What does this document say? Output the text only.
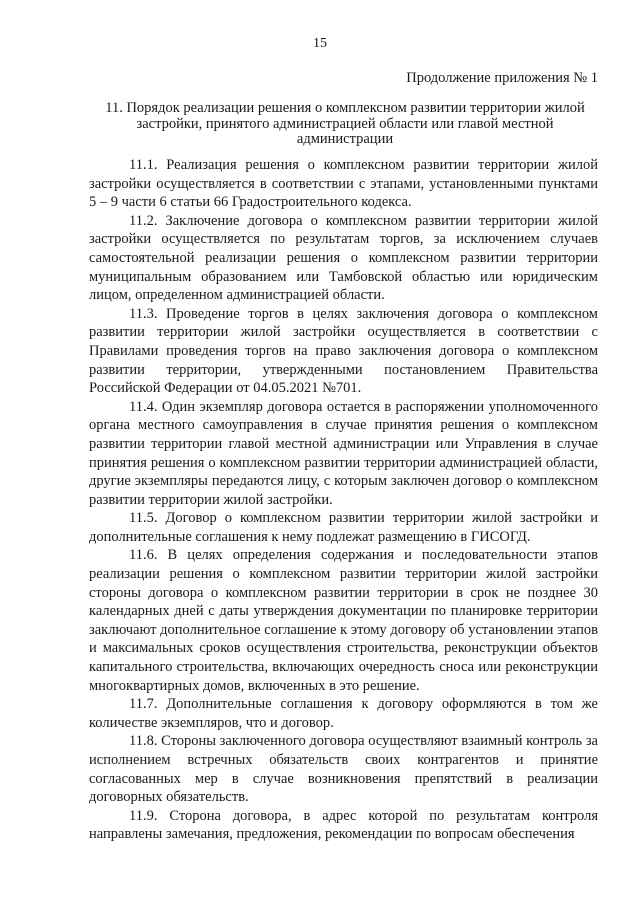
15
Продолжение приложения № 1
11. Порядок реализации решения о комплексном развитии территории жилой застройки, принятого администрацией области или главой местной администрации

11.1. Реализация решения о комплексном развитии территории жилой застройки осуществляется в соответствии с этапами, установленными пунктами 5 – 9 части 6 статьи 66 Градостроительного кодекса.

11.2. Заключение договора о комплексном развитии территории жилой застройки осуществляется по результатам торгов, за исключением случаев самостоятельной реализации решения о комплексном развитии территории муниципальным образованием или Тамбовской областью или юридическим лицом, определенном администрацией области.

11.3. Проведение торгов в целях заключения договора о комплексном развитии территории жилой застройки осуществляется в соответствии с Правилами проведения торгов на право заключения договора о комплексном развитии территории, утвержденными постановлением Правительства Российской Федерации от 04.05.2021 №701.

11.4. Один экземпляр договора остается в распоряжении уполномоченного органа местного самоуправления в случае принятия решения о комплексном развитии территории главой местной администрации или Управления в случае принятия решения о комплексном развитии территории администрацией области, другие экземпляры передаются лицу, с которым заключен договор о комплексном развитии территории жилой застройки.

11.5. Договор о комплексном развитии территории жилой застройки и дополнительные соглашения к нему подлежат размещению в ГИСОГД.

11.6. В целях определения содержания и последовательности этапов реализации решения о комплексном развитии территории жилой застройки стороны договора о комплексном развитии территории в срок не позднее 30 календарных дней с даты утверждения документации по планировке территории заключают дополнительное соглашение к этому договору об установлении этапов и максимальных сроков осуществления строительства, реконструкции объектов капитального строительства, включающих очередность сноса или реконструкции многоквартирных домов, включенных в это решение.

11.7. Дополнительные соглашения к договору оформляются в том же количестве экземпляров, что и договор.

11.8. Стороны заключенного договора осуществляют взаимный контроль за исполнением встречных обязательств своих контрагентов и принятие согласованных мер в случае возникновения препятствий в реализации договорных обязательств.

11.9. Сторона договора, в адрес которой по результатам контроля направлены замечания, предложения, рекомендации по вопросам обеспечения
